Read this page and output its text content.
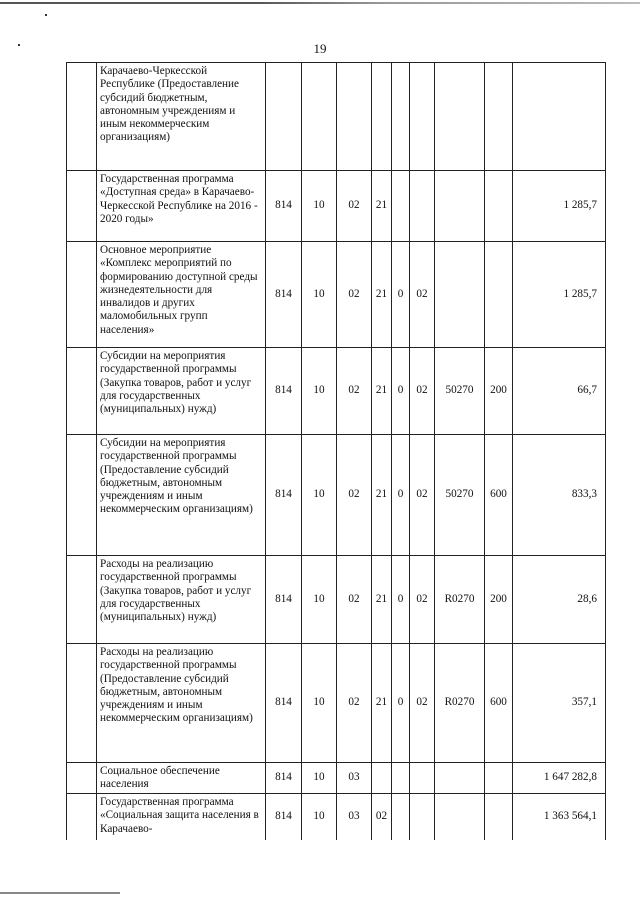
19
	Карачаево-Черкесской Республике (Предоставление субсидий бюджетным, автономным учреждениям и иным некоммерческим организациям)									
	Государственная программа «Доступная среда» в Карачаево-Черкесской Республике на 2016 - 2020 годы»	814	10	02	21					1 285,7
	Основное мероприятие «Комплекс мероприятий по формированию доступной среды жизнедеятельности для инвалидов и других маломобильных групп населения»	814	10	02	21	0	02			1 285,7
	Субсидии на мероприятия государственной программы (Закупка товаров, работ и услуг для государственных (муниципальных) нужд)	814	10	02	21	0	02	50270	200	66,7
	Субсидии на мероприятия государственной программы (Предоставление субсидий бюджетным, автономным учреждениям и иным некоммерческим организациям)	814	10	02	21	0	02	50270	600	833,3
	Расходы на реализацию государственной программы (Закупка товаров, работ и услуг для государственных (муниципальных) нужд)	814	10	02	21	0	02	R0270	200	28,6
	Расходы на реализацию государственной программы (Предоставление субсидий бюджетным, автономным учреждениям и иным некоммерческим организациям)	814	10	02	21	0	02	R0270	600	357,1
	Социальное обеспечение населения	814	10	03						1 647 282,8
	Государственная программа «Социальная защита населения в Карачаево-	814	10	03	02					1 363 564,1
